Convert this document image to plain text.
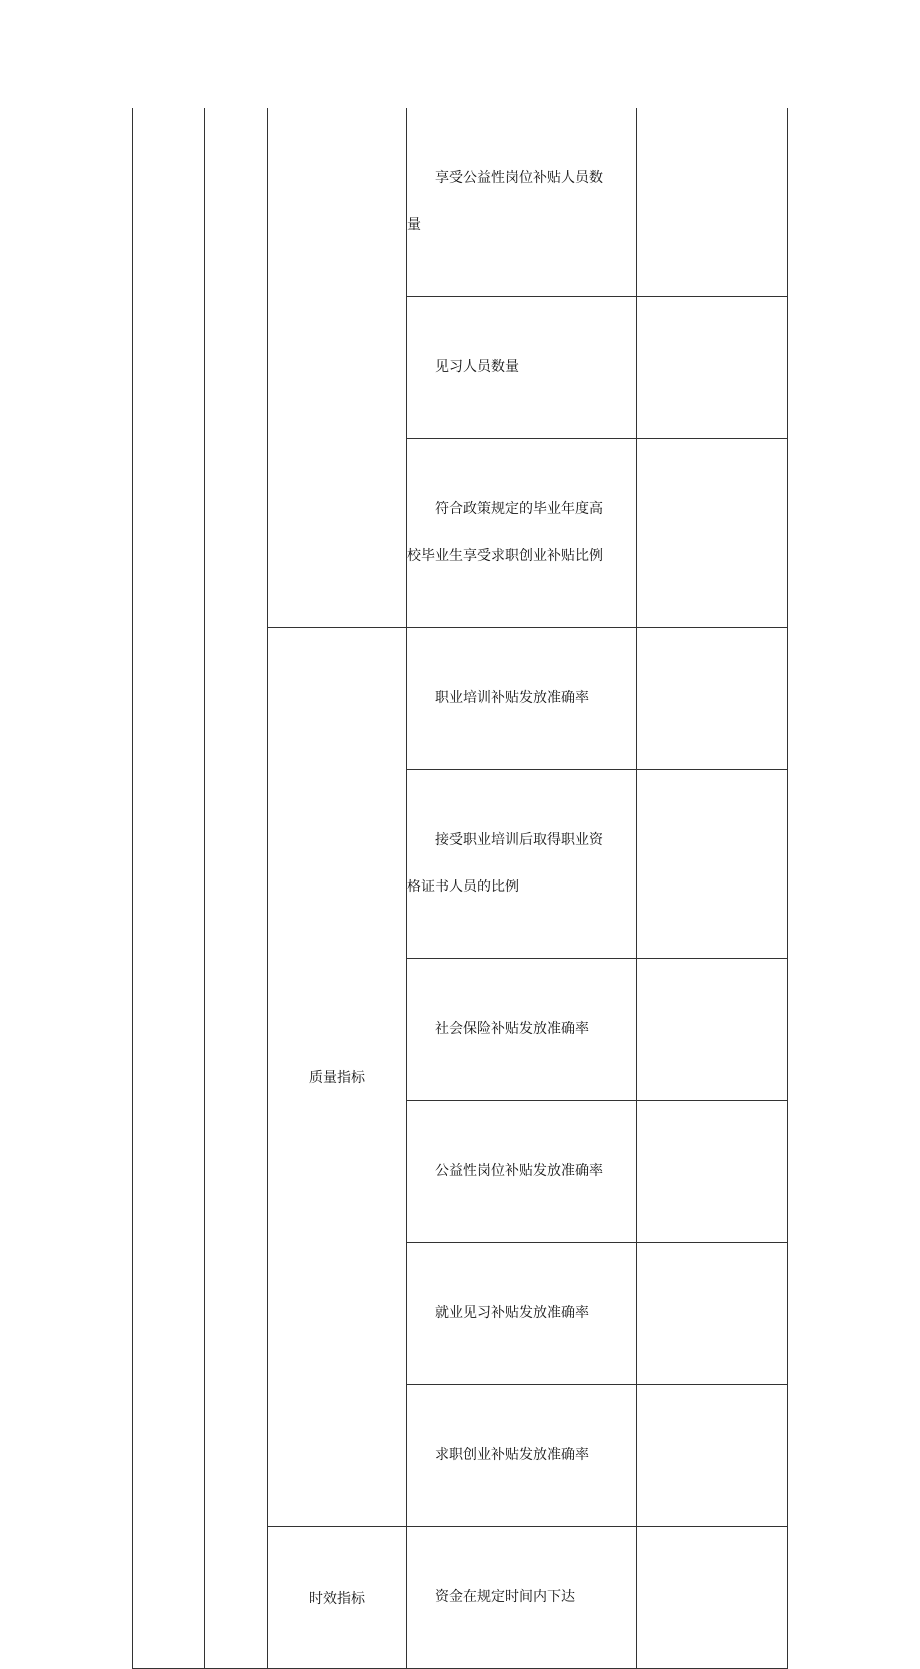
			　　享受公益性岗位补贴人员数量	

			　　见习人员数量	

			　　符合政策规定的毕业年度高校毕业生享受求职创业补贴比例	

		质量指标	　　职业培训补贴发放准确率	

			　　接受职业培训后取得职业资格证书人员的比例	

			　　社会保险补贴发放准确率	

			　　公益性岗位补贴发放准确率	

			　　就业见习补贴发放准确率	

			　　求职创业补贴发放准确率	

		时效指标	　　资金在规定时间内下达	
